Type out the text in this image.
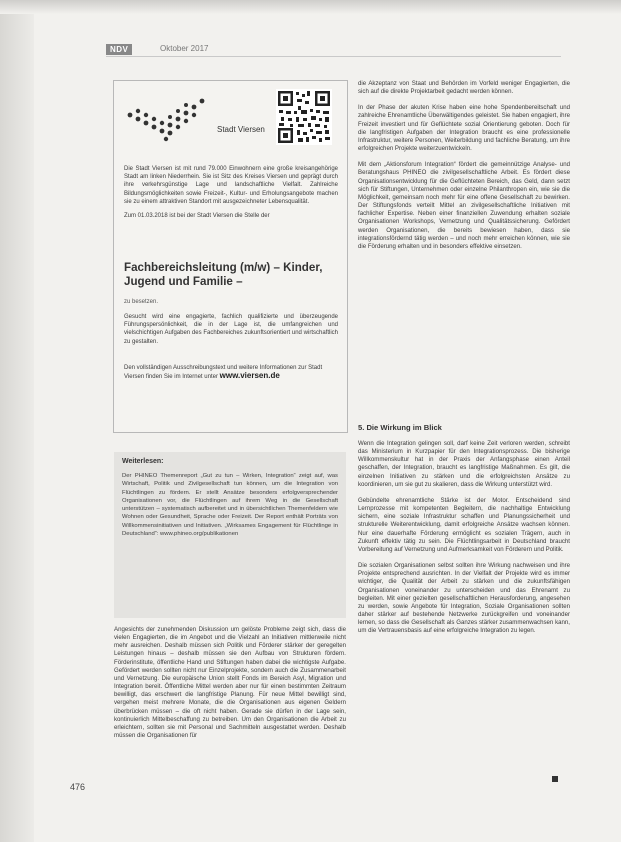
NDV	Oktober 2017
Stadt Viersen
Die Stadt Viersen ist mit rund 79.000 Einwohnern eine große kreisangehörige Stadt am linken Niederrhein. Sie ist Sitz des Kreises Viersen und geprägt durch ihre verkehrsgünstige Lage und landschaftliche Vielfalt. Zahlreiche Bildungsmöglichkeiten sowie Freizeit-, Kultur- und Erholungsangebote machen sie zu einem attraktiven Standort mit ausgezeichneter Lebensqualität.
Zum 01.03.2018 ist bei der Stadt Viersen die Stelle der
Fachbereichsleitung (m/w) – Kinder, Jugend und Familie –
zu besetzen.
Gesucht wird eine engagierte, fachlich qualifizierte und überzeugende Führungspersönlichkeit, die in der Lage ist, die umfangreichen und vielschichtigen Aufgaben des Fachbereiches zukunftsorientiert und wirtschaftlich zu gestalten.
Den vollständigen Ausschreibungstext und weitere Informationen zur Stadt Viersen finden Sie im Internet unter www.viersen.de
Weiterlesen:
Der PHINEO Themenreport „Gut zu tun – Wirken, Integration“ zeigt auf, was Wirtschaft, Politik und Zivilgesellschaft tun können, um die Integration von Flüchtlingen zu fördern. Er stellt Ansätze besonders erfolgversprechender Organisationen vor, die Flüchtlingen auf ihrem Weg in die Gesellschaft unterstützen – systematisch aufbereitet und in übersichtlichen Themenfeldern wie Wohnen oder Gesundheit, Sprache oder Freizeit. Der Report enthält Porträts von Willkommensinitiativen und Initiativen. „Wirksames Engagement für Flüchtlinge in Deutschland“: www.phineo.org/publikationen

Angesichts der zunehmenden Diskussion um gelöste Probleme zeigt sich, dass die vielen Engagierten, die im Angebot und die Vielzahl an Initiativen mittlerweile nicht mehr ausreichen. Deshalb müssen sich Politik und Förderer stärker der geregelten Leistungen hinaus – deshalb müssen sie den Aufbau von Strukturen fördern. Förderinstitute, öffentliche Hand und Stiftungen haben dabei die wichtigste Aufgabe. Gefördert werden sollten nicht nur Einzelprojekte, sondern auch die Zusammenarbeit und Vernetzung. Die europäische Union stellt Fonds im Bereich Asyl, Migration und Integration bereit. Öffentliche Mittel werden aber nur für einen bestimmten Zeitraum bewilligt, das erschwert die langfristige Planung. Für neue Mittel bewilligt sind, vergehen meist mehrere Monate, die die Organisationen aus eigenen Geldern überbrücken müssen – die oft nicht haben. Gerade sie dürfen in der Lage sein, kontinuierlich Mittelbeschaffung zu betreiben. Um den Organisationen die Arbeit zu erleichtern, sollten sie mit Personal und Sachmitteln ausgestattet werden. Deshalb müssen die Organisationen für

die Akzeptanz von Staat und Behörden im Vorfeld weniger Engagierten, die sich auf die direkte Projektarbeit gedacht werden können.

In der Phase der akuten Krise haben eine hohe Spendenbereitschaft und zahlreiche Ehrenamtliche Überwältigendes geleistet. Sie haben engagiert, ihre Freizeit investiert und für Geflüchtete sozial Orientierung geboten. Doch für die langfristigen Aufgaben der Integration braucht es eine professionelle Infrastruktur, weitere Personen, Weiterbildung und fachliche Beratung, um ihre erfolgreichen Projekte weiterzuentwickeln.

Mit dem „Aktionsforum Integration“ fördert die gemeinnützige Analyse- und Beratungshaus PHINEO die zivilgesellschaftliche Arbeit. Es fördert diese Organisationsentwicklung für die Geflüchteten Bereich, das Geld, dann setzt sich für Stiftungen, Unternehmen oder einzelne Philanthropen ein, wie sie die Möglichkeit, gemeinsam noch mehr für eine offene Gesellschaft zu bewirken. Der Stiftungsfonds verteilt Mittel an zivilgesellschaftliche Initiativen mit fachlicher Expertise. Neben einer finanziellen Zuwendung erhalten soziale Organisationen Workshops, Vernetzung und Qualitätssicherung. Gefördert werden Organisationen, die bereits bewiesen haben, dass sie integrationsfördernd tätig werden – und noch mehr erreichen können, wie sie die Förderung erhalten und in besonders effektive einsetzen.

5. Die Wirkung im Blick

Wenn die Integration gelingen soll, darf keine Zeit verloren werden, schreibt das Ministerium in Kurzpapier für den Integrationsprozess. Die bisherige Willkommenskultur hat in der Praxis der Anfangsphase einen Anteil geschaffen, der Integration, braucht es langfristige Maßnahmen. Es gilt, die einzelnen Initiativen zu stärken und die erfolgreichsten Ansätze zu koordinieren, um sie gut zu skalieren, dass die Wirkung unterstützt wird.

Gebündelte ehrenamtliche Stärke ist der Motor. Entscheidend sind Lernprozesse mit kompetenten Begleitern, die nachhaltige Entwicklung sichern, eine soziale Infrastruktur schaffen und Planungssicherheit und strukturelle Weiterentwicklung, damit erfolgreiche Ansätze wachsen können. Nur eine dauerhafte Förderung ermöglicht es sozialen Trägern, auch in Zukunft effektiv tätig zu sein. Die Flüchtlingsarbeit in Deutschland braucht Vorbereitung auf Vernetzung und Aufmerksamkeit von Förderern und Politik.

Die sozialen Organisationen selbst sollten ihre Wirkung nachweisen und ihre Projekte entsprechend ausrichten. In der Vielfalt der Projekte wird es immer wichtiger, die Qualität der Arbeit zu stärken und die zukunftsfähigen Organisationen voneinander zu unterscheiden und das Ehrenamt zu begleiten. Mit einer gezielten gesellschaftlichen Herausforderung, angesehen zu werden, sowie Angebote für Integration, Soziale Organisationen sollten daher stärker auf bestehende Netzwerke zurückgreifen und voneinander lernen, so dass die Gesellschaft als Ganzes stärker zusammenwachsen kann, um die Vertrauensbasis auf eine erfolgreiche Integration zu legen.

476
